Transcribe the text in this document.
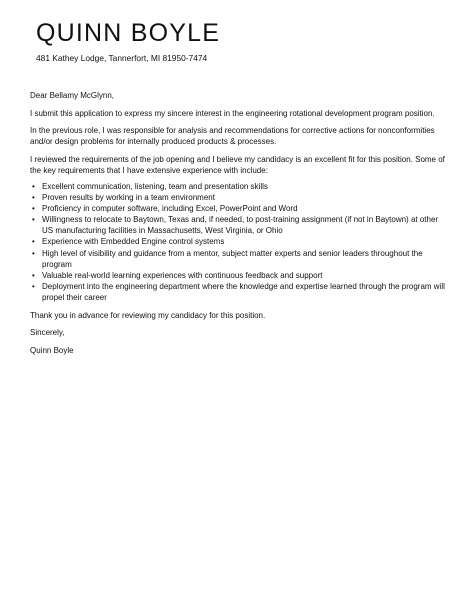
QUINN BOYLE
481 Kathey Lodge, Tannerfort, MI 81950-7474

Dear Bellamy McGlynn,

I submit this application to express my sincere interest in the engineering rotational development program position.

In the previous role, I was responsible for analysis and recommendations for corrective actions for nonconformities and/or design problems for internally produced products & processes.

I reviewed the requirements of the job opening and I believe my candidacy is an excellent fit for this position. Some of the key requirements that I have extensive experience with include:

• Excellent communication, listening, team and presentation skills
• Proven results by working in a team environment
• Proficiency in computer software, including Excel, PowerPoint and Word
• Willingness to relocate to Baytown, Texas and, if needed, to post-training assignment (if not in Baytown) at other US manufacturing facilities in Massachusetts, West Virginia, or Ohio
• Experience with Embedded Engine control systems
• High level of visibility and guidance from a mentor, subject matter experts and senior leaders throughout the program
• Valuable real-world learning experiences with continuous feedback and support
• Deployment into the engineering department where the knowledge and expertise learned through the program will propel their career

Thank you in advance for reviewing my candidacy for this position.

Sincerely,

Quinn Boyle
